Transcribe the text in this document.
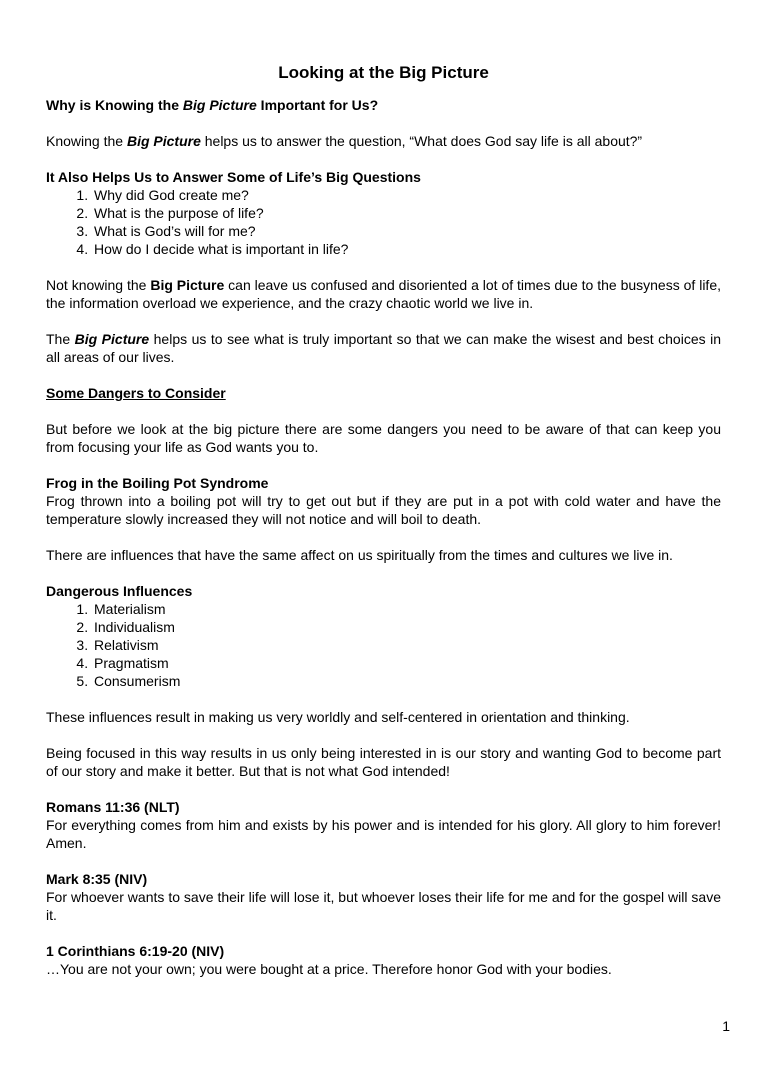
Looking at the Big Picture

Why is Knowing the Big Picture Important for Us?

Knowing the Big Picture helps us to answer the question, “What does God say life is all about?”

It Also Helps Us to Answer Some of Life’s Big Questions
1. Why did God create me?
2. What is the purpose of life?
3. What is God’s will for me?
4. How do I decide what is important in life?

Not knowing the Big Picture can leave us confused and disoriented a lot of times due to the busyness of life, the information overload we experience, and the crazy chaotic world we live in.

The Big Picture helps us to see what is truly important so that we can make the wisest and best choices in all areas of our lives.

Some Dangers to Consider

But before we look at the big picture there are some dangers you need to be aware of that can keep you from focusing your life as God wants you to.

Frog in the Boiling Pot Syndrome
Frog thrown into a boiling pot will try to get out but if they are put in a pot with cold water and have the temperature slowly increased they will not notice and will boil to death.

There are influences that have the same affect on us spiritually from the times and cultures we live in.

Dangerous Influences
1. Materialism
2. Individualism
3. Relativism
4. Pragmatism
5. Consumerism

These influences result in making us very worldly and self-centered in orientation and thinking.

Being focused in this way results in us only being interested in is our story and wanting God to become part of our story and make it better. But that is not what God intended!

Romans 11:36 (NLT)
For everything comes from him and exists by his power and is intended for his glory. All glory to him forever! Amen.
Mark 8:35 (NIV)
For whoever wants to save their life will lose it, but whoever loses their life for me and for the gospel will save it.
1 Corinthians 6:19-20 (NIV)
…You are not your own; you were bought at a price. Therefore honor God with your bodies.
1
